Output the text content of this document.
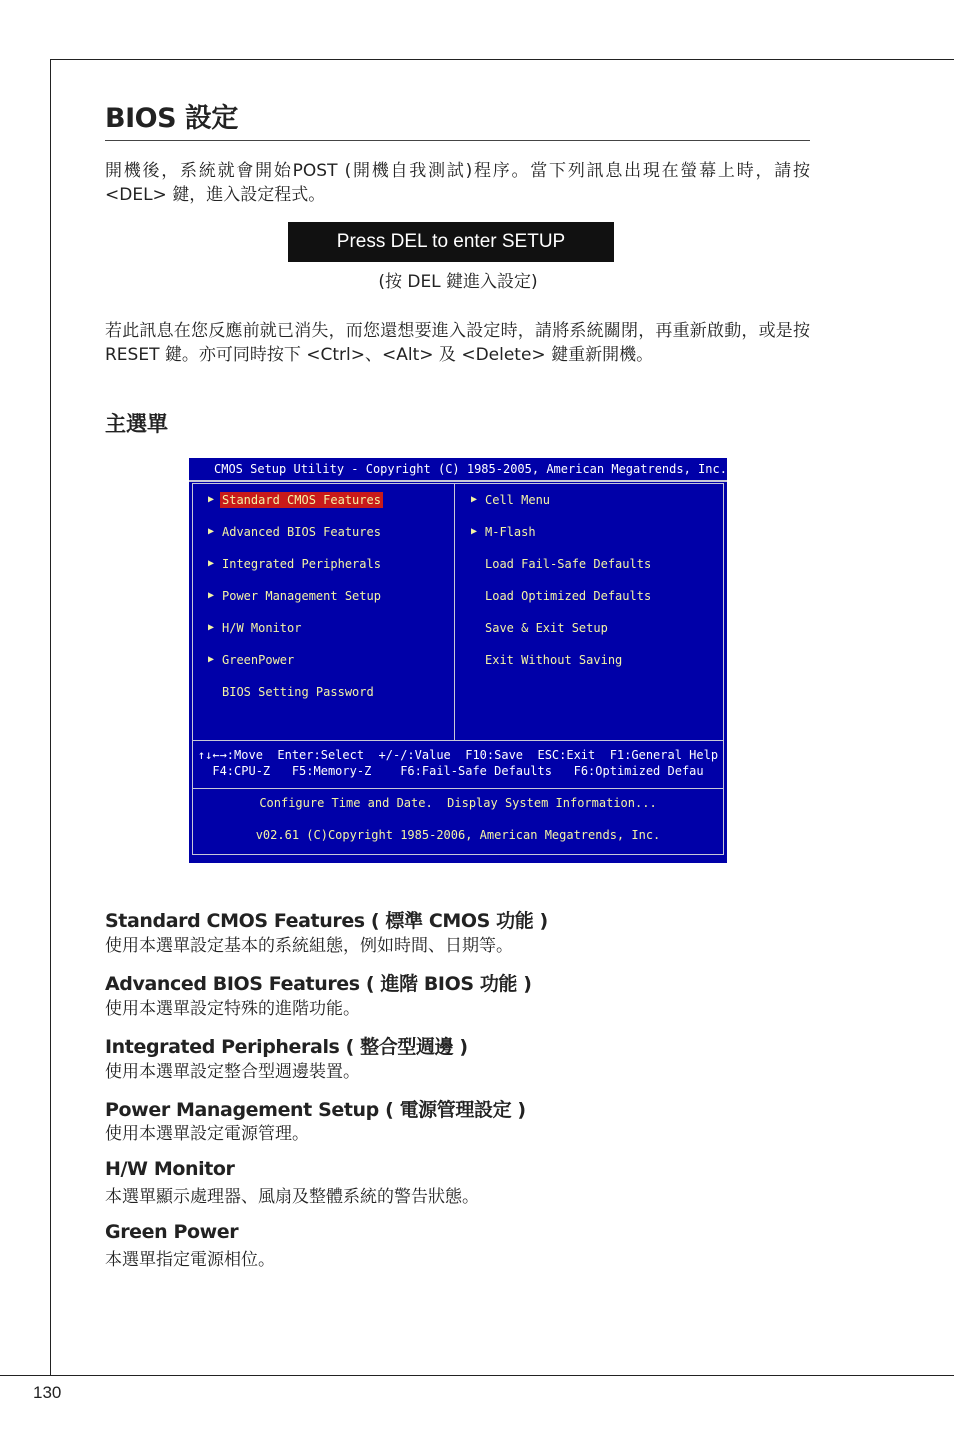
BIOS 設定
開機後，系統就會開始POST (開機自我測試)程序。當下列訊息出現在螢幕上時，請按 <DEL> 鍵，進入設定程式。
Press DEL to enter SETUP
(按 DEL 鍵進入設定)
若此訊息在您反應前就已消失，而您還想要進入設定時，請將系統關閉，再重新啟動，或是按 RESET 鍵。亦可同時按下 <Ctrl>、<Alt> 及 <Delete> 鍵重新開機。
主選單
CMOS Setup Utility - Copyright (C) 1985-2005, American Megatrends, Inc.
▶ Standard CMOS Features
▶ Advanced BIOS Features
▶ Integrated Peripherals
▶ Power Management Setup
▶ H/W Monitor
▶ GreenPower
BIOS Setting Password
▶ Cell Menu
▶ M-Flash
Load Fail-Safe Defaults
Load Optimized Defaults
Save & Exit Setup
Exit Without Saving
↑↓←→:Move  Enter:Select  +/-/:Value  F10:Save  ESC:Exit  F1:General Help
F4:CPU-Z   F5:Memory-Z    F6:Fail-Safe Defaults   F6:Optimized Defau
Configure Time and Date.  Display System Information...
v02.61 (C)Copyright 1985-2006, American Megatrends, Inc.
Standard CMOS Features ( 標準 CMOS 功能 )
使用本選單設定基本的系統組態，例如時間、日期等。
Advanced BIOS Features ( 進階 BIOS 功能 )
使用本選單設定特殊的進階功能。
Integrated Peripherals ( 整合型週邊 )
使用本選單設定整合型週邊裝置。
Power Management Setup ( 電源管理設定 )
使用本選單設定電源管理。
H/W Monitor
本選單顯示處理器、風扇及整體系統的警告狀態。
Green Power
本選單指定電源相位。
130
